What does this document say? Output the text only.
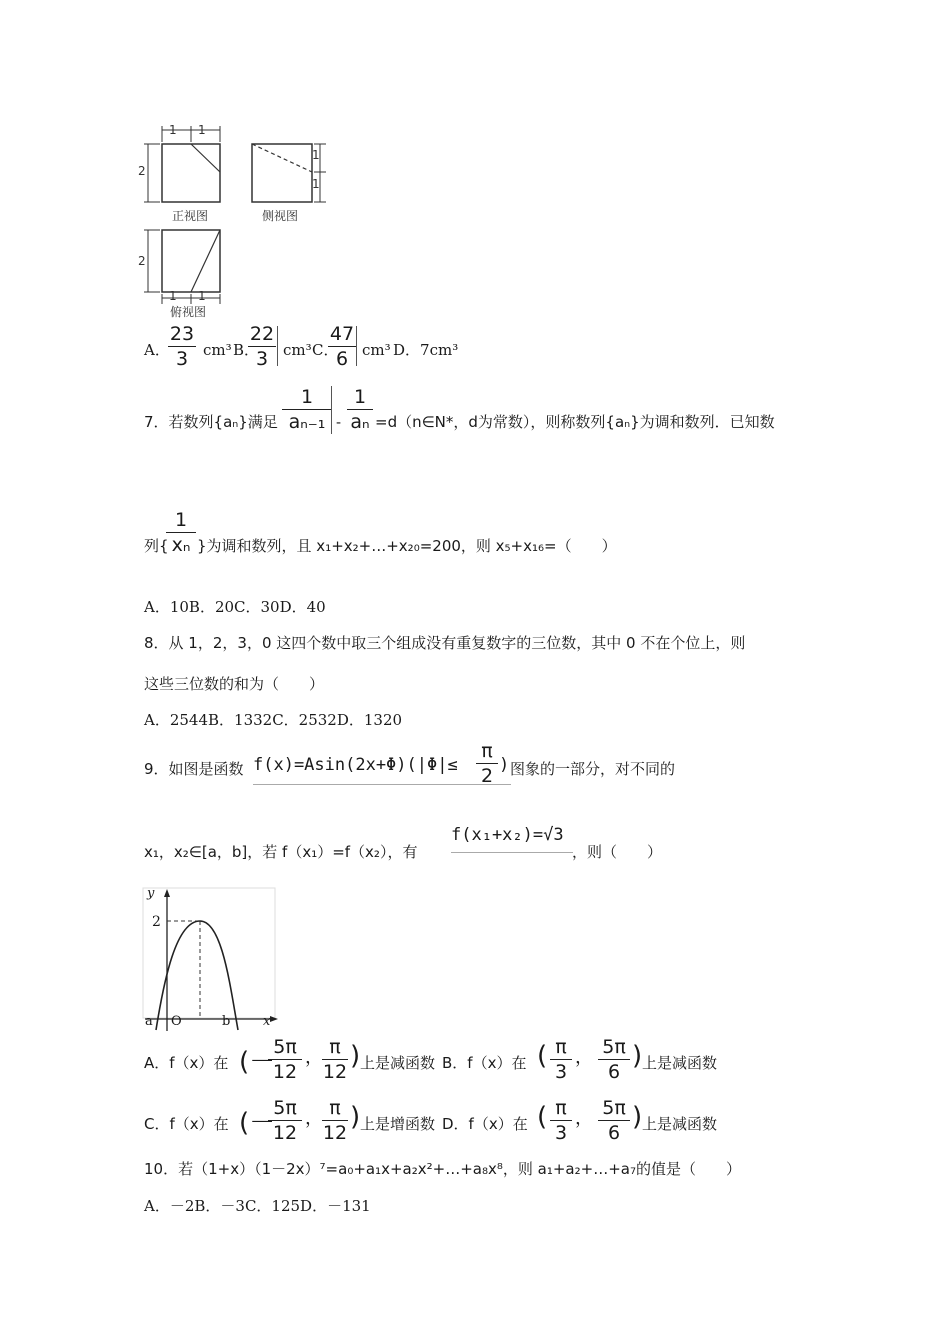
1 1
2
1
1
正视图	侧视图
2
1 1
俯视图
A．
23
3 cm³ B．
22
3 cm³ C．
47
6 cm³ D．7cm³
7．若数列{aₙ}满足
1
aₙ₋₁ -
1
aₙ =d（n∈N*，d为常数），则称数列{aₙ}为调和数列．已知数
列{
1
xₙ }为调和数列，且 x₁+x₂+…+x₂₀=200，则 x₅+x₁₆=（　　）
A．10B．20C．30D．40
8．从 1，2，3，0 这四个数中取三个组成没有重复数字的三位数，其中 0 不在个位上，则
这些三位数的和为（　　）
A．2544B．1332C．2532D．1320
9．如图是函数 f(x)=Asin(2x+Φ)(|Φ|≤
π
2 ) 图象的一部分，对不同的
x₁，x₂∈[a，b]，若 f（x₁）=f（x₂），有
f(x₁+x₂)=√3
，则（　　）
y
2
a O	b	x
A．f（x）在 (－
5π
12
， π
12
) 上是减函数 B．f（x）在 ( π
3
， 5π
6
) 上是减函数
C．f（x）在 (－
5π
12
， π
12
) 上是增函数 D．f（x）在 ( π
3
， 5π
6
) 上是减函数
10．若（1+x）（1－2x）⁷=a₀+a₁x+a₂x²+…+a₈x⁸，则 a₁+a₂+…+a₇的值是（　　）
A．－2B．－3C．125D．－131
